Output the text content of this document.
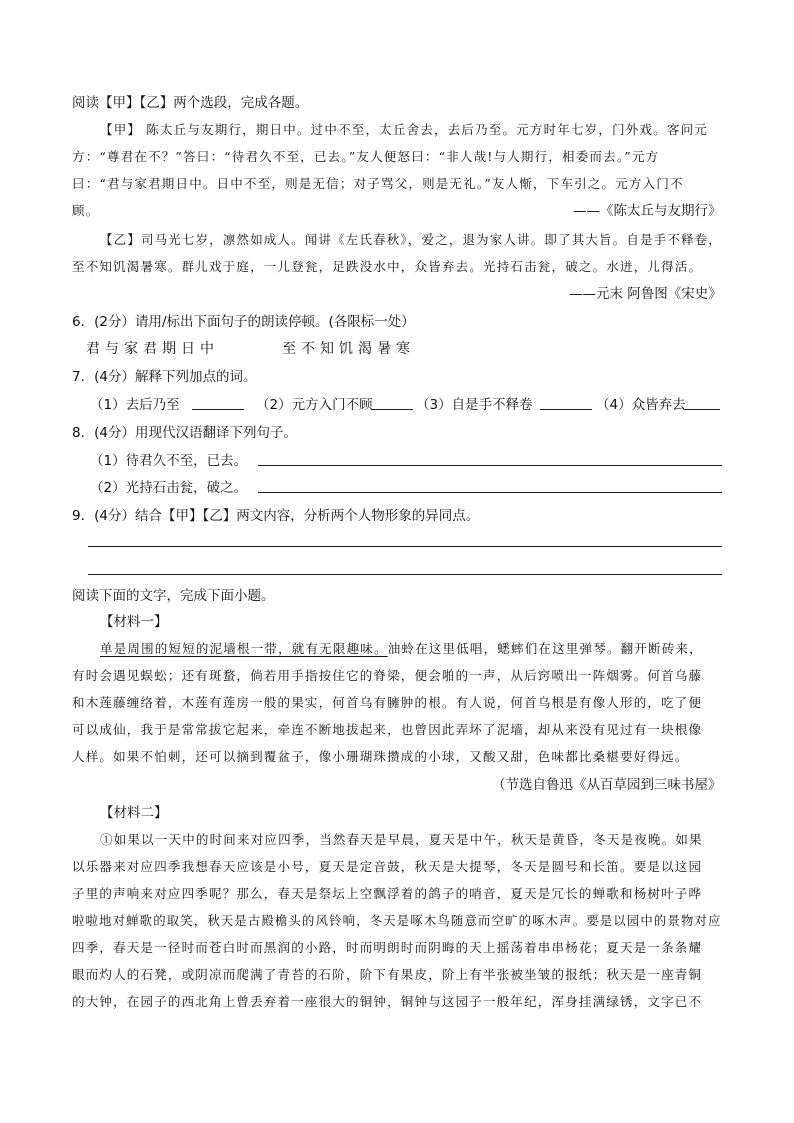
阅读【甲】【乙】两个选段，完成各题。
【甲】 陈太丘与友期行，期日中。过中不至，太丘舍去，去后乃至。元方时年七岁，门外戏。客问元
方：“尊君在不？”答曰：“待君久不至，已去。”友人便怒曰：“非人哉!与人期行，相委而去。”元方
曰：“君与家君期日中。日中不至，则是无信；对子骂父，则是无礼。”友人惭，下车引之。元方入门不
顾。	——《陈太丘与友期行》
【乙】司马光七岁，凛然如成人。闻讲《左氏春秋》，爱之，退为家人讲。即了其大旨。自是手不释卷，
至不知饥渴暑寒。群儿戏于庭，一儿登瓮，足跌没水中，众皆弃去。光持石击瓮，破之。水迸，儿得活。
——元末 阿鲁图《宋史》
6．(2分）请用/标出下面句子的朗读停顿。(各限标一处）
君与家君期日中	至不知饥渴暑寒
7．(4分）解释下列加点的词。
（1）去后乃至	（2）元方入门不顾	（3）自是手不释卷	（4）众皆弃去
8．(4分）用现代汉语翻译下列句子。
（1）待君久不至，已去。
（2）光持石击瓮，破之。
9．(4分）结合【甲】【乙】两文内容，分析两个人物形象的异同点。
阅读下面的文字，完成下面小题。
【材料一】
单是周围的短短的泥墙根一带，就有无限趣味。油蛉在这里低唱，蟋蟀们在这里弹琴。翻开断砖来，
有时会遇见蜈蚣；还有斑蝥，倘若用手指按住它的脊梁，便会啪的一声，从后窍喷出一阵烟雾。何首乌藤
和木莲藤缠络着，木莲有莲房一般的果实，何首乌有臃肿的根。有人说，何首乌根是有像人形的，吃了便
可以成仙，我于是常常拔它起来，牵连不断地拔起来，也曾因此弄坏了泥墙，却从来没有见过有一块根像
人样。如果不怕刺，还可以摘到覆盆子，像小珊瑚珠攒成的小球，又酸又甜，色味都比桑椹要好得远。
（节选自鲁迅《从百草园到三味书屋》
【材料二】
①如果以一天中的时间来对应四季，当然春天是早晨，夏天是中午，秋天是黄昏，冬天是夜晚。如果
以乐器来对应四季我想春天应该是小号，夏天是定音鼓，秋天是大提琴，冬天是圆号和长笛。要是以这园
子里的声响来对应四季呢？那么，春天是祭坛上空飘浮着的鸽子的哨音，夏天是冗长的蝉歌和杨树叶子哗
啦啦地对蝉歌的取笑，秋天是古殿檐头的风铃响，冬天是啄木鸟随意而空旷的啄木声。要是以园中的景物对应
四季，春天是一径时而苍白时而黑润的小路，时而明朗时而阴晦的天上摇荡着串串杨花；夏天是一条条耀
眼而灼人的石凳，或阴凉而爬满了青苔的石阶，阶下有果皮，阶上有半张被坐皱的报纸；秋天是一座青铜
的大钟，在园子的西北角上曾丢弃着一座很大的铜钟，铜钟与这园子一般年纪，浑身挂满绿锈，文字已不
